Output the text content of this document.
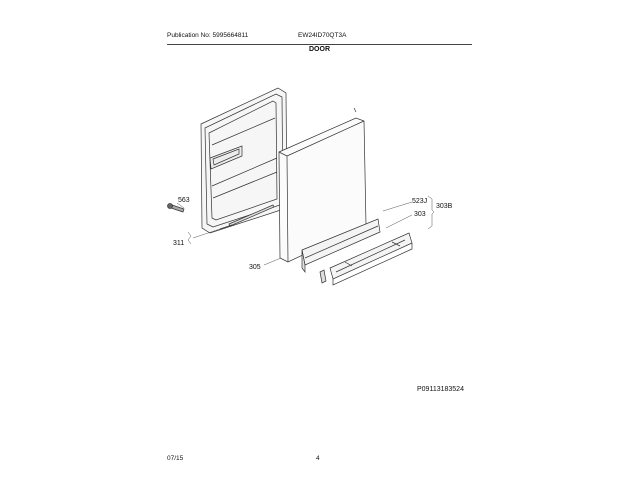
Publication No: 5995664811	EW24ID70QT3A
DOOR
563
311
305
523J
303B
303
P09113183524
07/15	4
